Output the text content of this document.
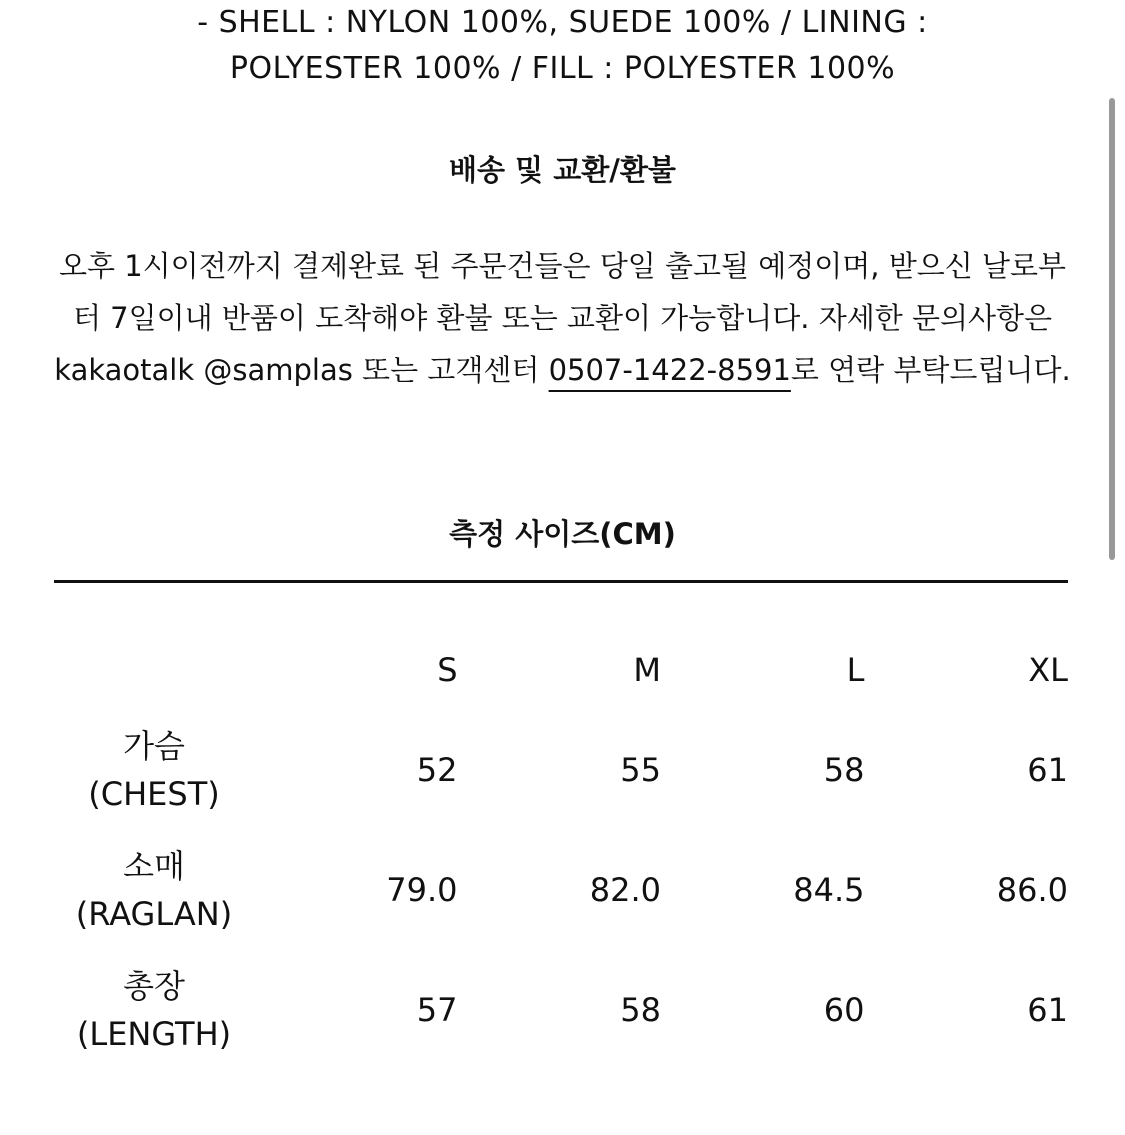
- SHELL : NYLON 100%, SUEDE 100% / LINING :
POLYESTER 100% / FILL : POLYESTER 100%
배송 및 교환/환불
오후 1시이전까지 결제완료 된 주문건들은 당일 출고될 예정이며, 받으신 날로부터 7일이내 반품이 도착해야 환불 또는 교환이 가능합니다. 자세한 문의사항은 kakaotalk @samplas 또는 고객센터 0507-1422-8591로 연락 부탁드립니다.
측정 사이즈(CM)
	S	M	L	XL

가슴
(CHEST)	52	55	58	61

소매
(RAGLAN)	79.0	82.0	84.5	86.0

총장
(LENGTH)	57	58	60	61
